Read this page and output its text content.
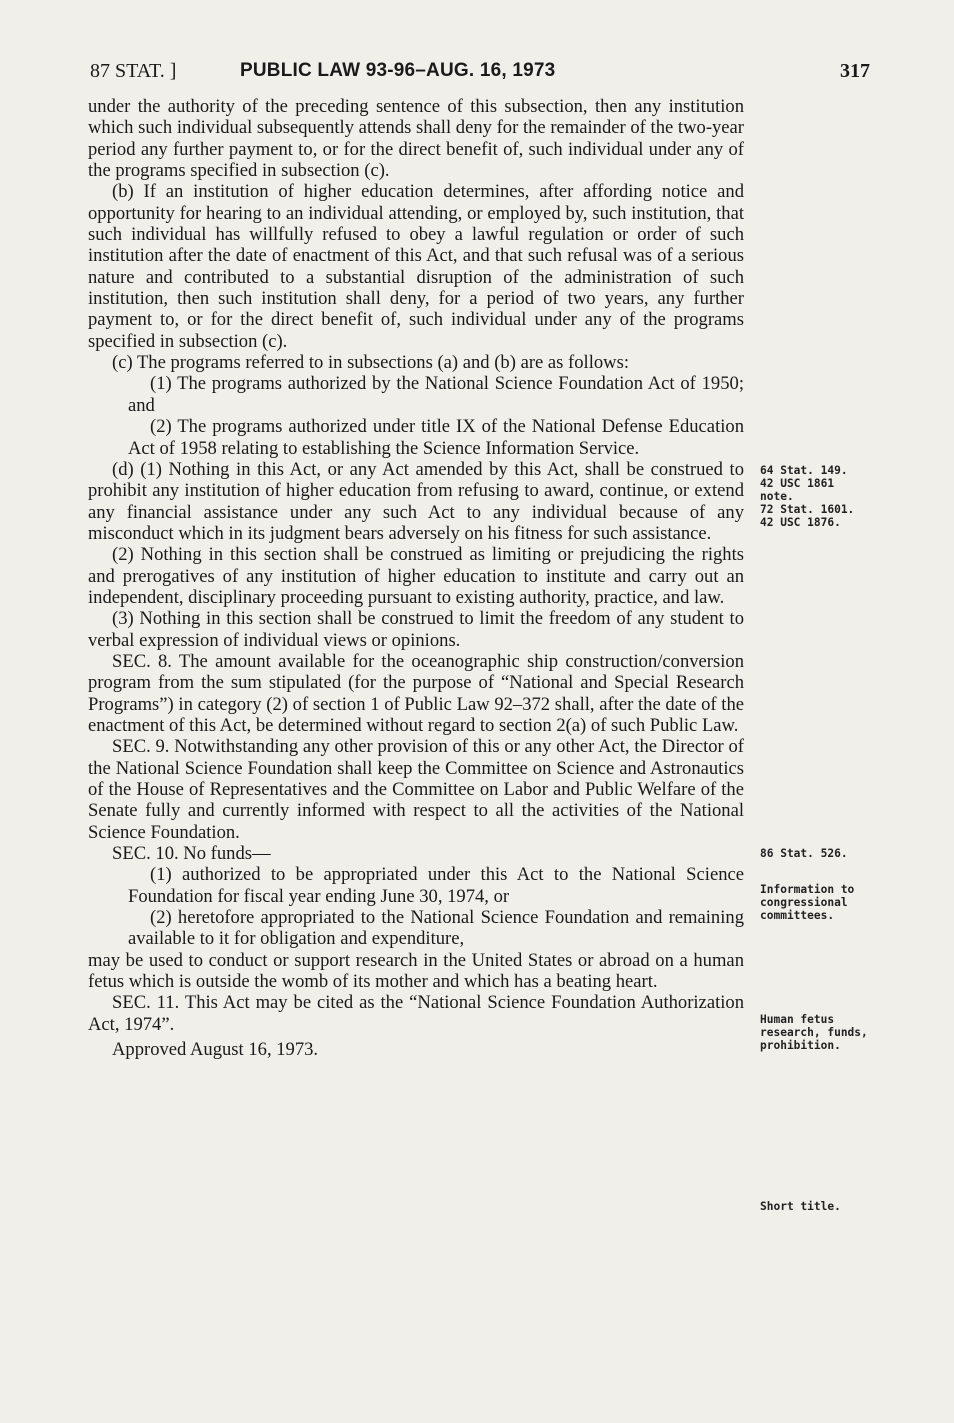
87 STAT. ]	PUBLIC LAW 93-96–AUG. 16, 1973	317

under the authority of the preceding sentence of this subsection, then any institution which such individual subsequently attends shall deny for the remainder of the two-year period any further payment to, or for the direct benefit of, such individual under any of the programs specified in subsection (c).

(b) If an institution of higher education determines, after affording notice and opportunity for hearing to an individual attending, or employed by, such institution, that such individual has willfully refused to obey a lawful regulation or order of such institution after the date of enactment of this Act, and that such refusal was of a serious nature and contributed to a substantial disruption of the administration of such institution, then such institution shall deny, for a period of two years, any further payment to, or for the direct benefit of, such individual under any of the programs specified in subsection (c).

(c) The programs referred to in subsections (a) and (b) are as follows:

(1) The programs authorized by the National Science Foundation Act of 1950; and

(2) The programs authorized under title IX of the National Defense Education Act of 1958 relating to establishing the Science Information Service.

(d) (1) Nothing in this Act, or any Act amended by this Act, shall be construed to prohibit any institution of higher education from refusing to award, continue, or extend any financial assistance under any such Act to any individual because of any misconduct which in its judgment bears adversely on his fitness for such assistance.

(2) Nothing in this section shall be construed as limiting or prejudicing the rights and prerogatives of any institution of higher education to institute and carry out an independent, disciplinary proceeding pursuant to existing authority, practice, and law.

(3) Nothing in this section shall be construed to limit the freedom of any student to verbal expression of individual views or opinions.

SEC. 8. The amount available for the oceanographic ship construction/conversion program from the sum stipulated (for the purpose of “National and Special Research Programs”) in category (2) of section 1 of Public Law 92–372 shall, after the date of the enactment of this Act, be determined without regard to section 2(a) of such Public Law.

SEC. 9. Notwithstanding any other provision of this or any other Act, the Director of the National Science Foundation shall keep the Committee on Science and Astronautics of the House of Representatives and the Committee on Labor and Public Welfare of the Senate fully and currently informed with respect to all the activities of the National Science Foundation.

SEC. 10. No funds—

(1) authorized to be appropriated under this Act to the National Science Foundation for fiscal year ending June 30, 1974, or

(2) heretofore appropriated to the National Science Foundation and remaining available to it for obligation and expenditure,

may be used to conduct or support research in the United States or abroad on a human fetus which is outside the womb of its mother and which has a beating heart.

SEC. 11. This Act may be cited as the “National Science Foundation Authorization Act, 1974”.

Approved August 16, 1973.

64 Stat. 149.
42 USC 1861
note.
72 Stat. 1601.
42 USC 1876.
86 Stat. 526.
Information to congressional committees.
Human fetus research, funds, prohibition.
Short title.
